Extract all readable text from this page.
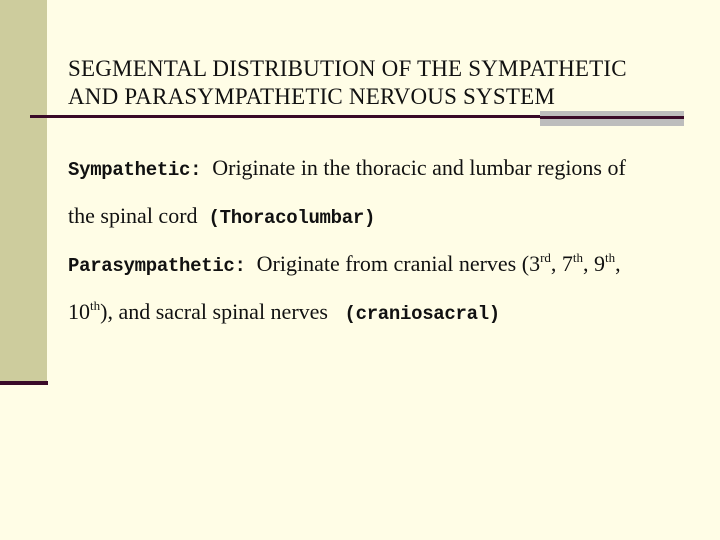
SEGMENTAL DISTRIBUTION OF THE SYMPATHETIC
AND PARASYMPATHETIC NERVOUS SYSTEM

Sympathetic:  Originate in the thoracic and lumbar regions of

the spinal cord  (Thoracolumbar)

Parasympathetic:  Originate from cranial nerves (3rd, 7th, 9th,

10th), and sacral spinal nerves   (craniosacral)
